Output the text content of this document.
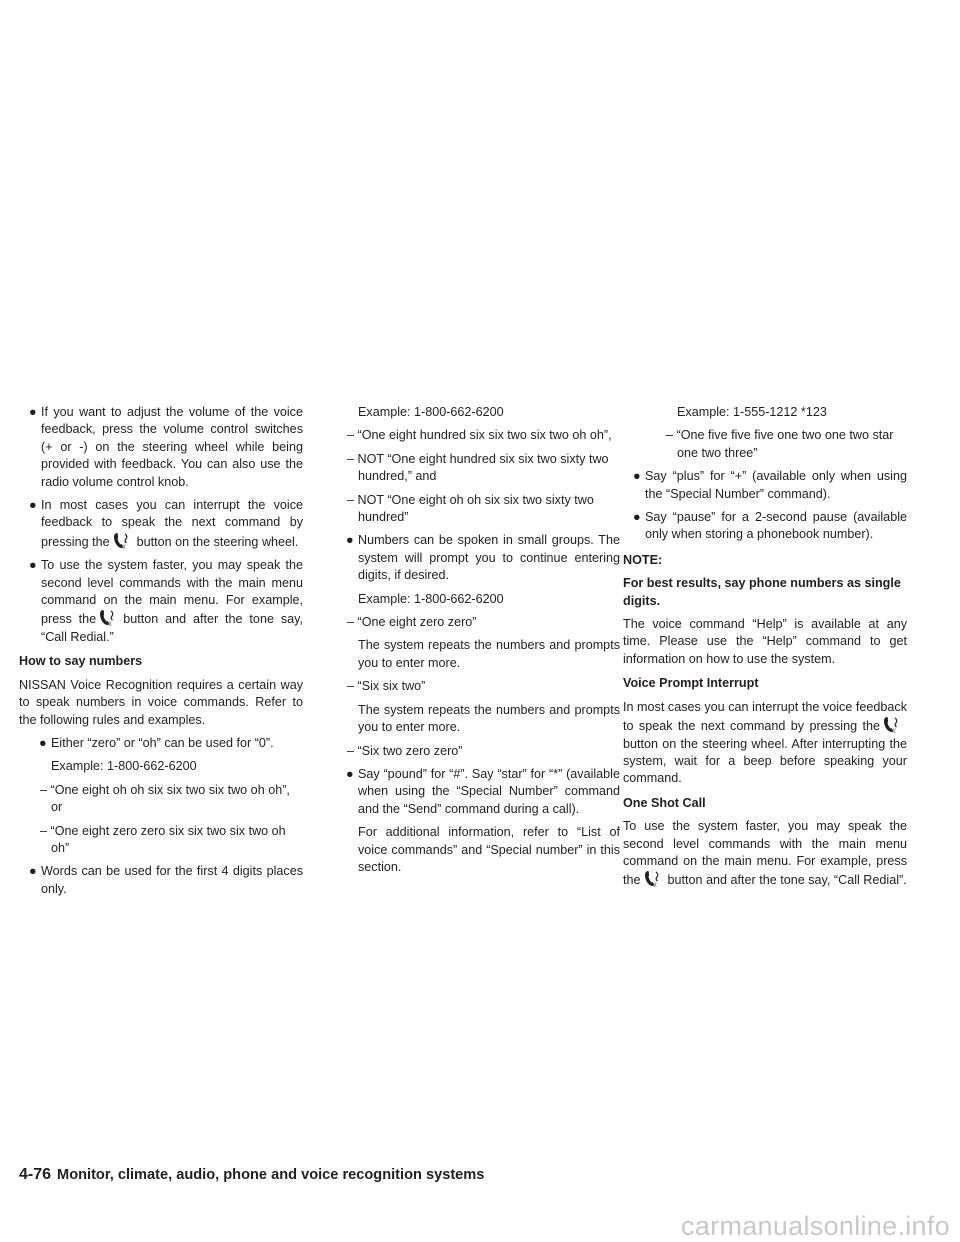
● If you want to adjust the volume of the voice feedback, press the volume control switches (+ or -) on the steering wheel while being provided with feedback. You can also use the radio volume control knob.

● In most cases you can interrupt the voice feedback to speak the next command by pressing the button on the steering wheel.

● To use the system faster, you may speak the second level commands with the main menu command on the main menu. For example, press the button and after the tone say, “Call Redial.”

How to say numbers

NISSAN Voice Recognition requires a certain way to speak numbers in voice commands. Refer to the following rules and examples.

● Either “zero” or “oh” can be used for “0”.

Example: 1-800-662-6200

– “One eight oh oh six six two six two oh oh”, or

– “One eight zero zero six six two six two oh oh”

● Words can be used for the first 4 digits places only.

Example: 1-800-662-6200

– “One eight hundred six six two six two oh oh”,

– NOT “One eight hundred six six two sixty two hundred,” and

– NOT “One eight oh oh six six two sixty two hundred”

● Numbers can be spoken in small groups. The system will prompt you to continue entering digits, if desired.

Example: 1-800-662-6200

– “One eight zero zero”

The system repeats the numbers and prompts you to enter more.

– “Six six two”

The system repeats the numbers and prompts you to enter more.

– “Six two zero zero”

● Say “pound” for “#”. Say “star” for “*” (available when using the “Special Number” command and the “Send” command during a call).

For additional information, refer to “List of voice commands” and “Special number” in this section.

Example: 1-555-1212 *123

– “One five five five one two one two star one two three”

● Say “plus” for “+” (available only when using the “Special Number” command).

● Say “pause” for a 2-second pause (available only when storing a phonebook number).

NOTE:

For best results, say phone numbers as single digits.

The voice command “Help” is available at any time. Please use the “Help” command to get information on how to use the system.

Voice Prompt Interrupt

In most cases you can interrupt the voice feedback to speak the next command by pressing the
button on the steering wheel. After interrupting the system, wait for a beep before speaking your command.

One Shot Call

To use the system faster, you may speak the second level commands with the main menu command on the main menu. For example, press the button and after the tone say, “Call Redial”.

4-76 Monitor, climate, audio, phone and voice recognition systems
carmanualsonline.info
